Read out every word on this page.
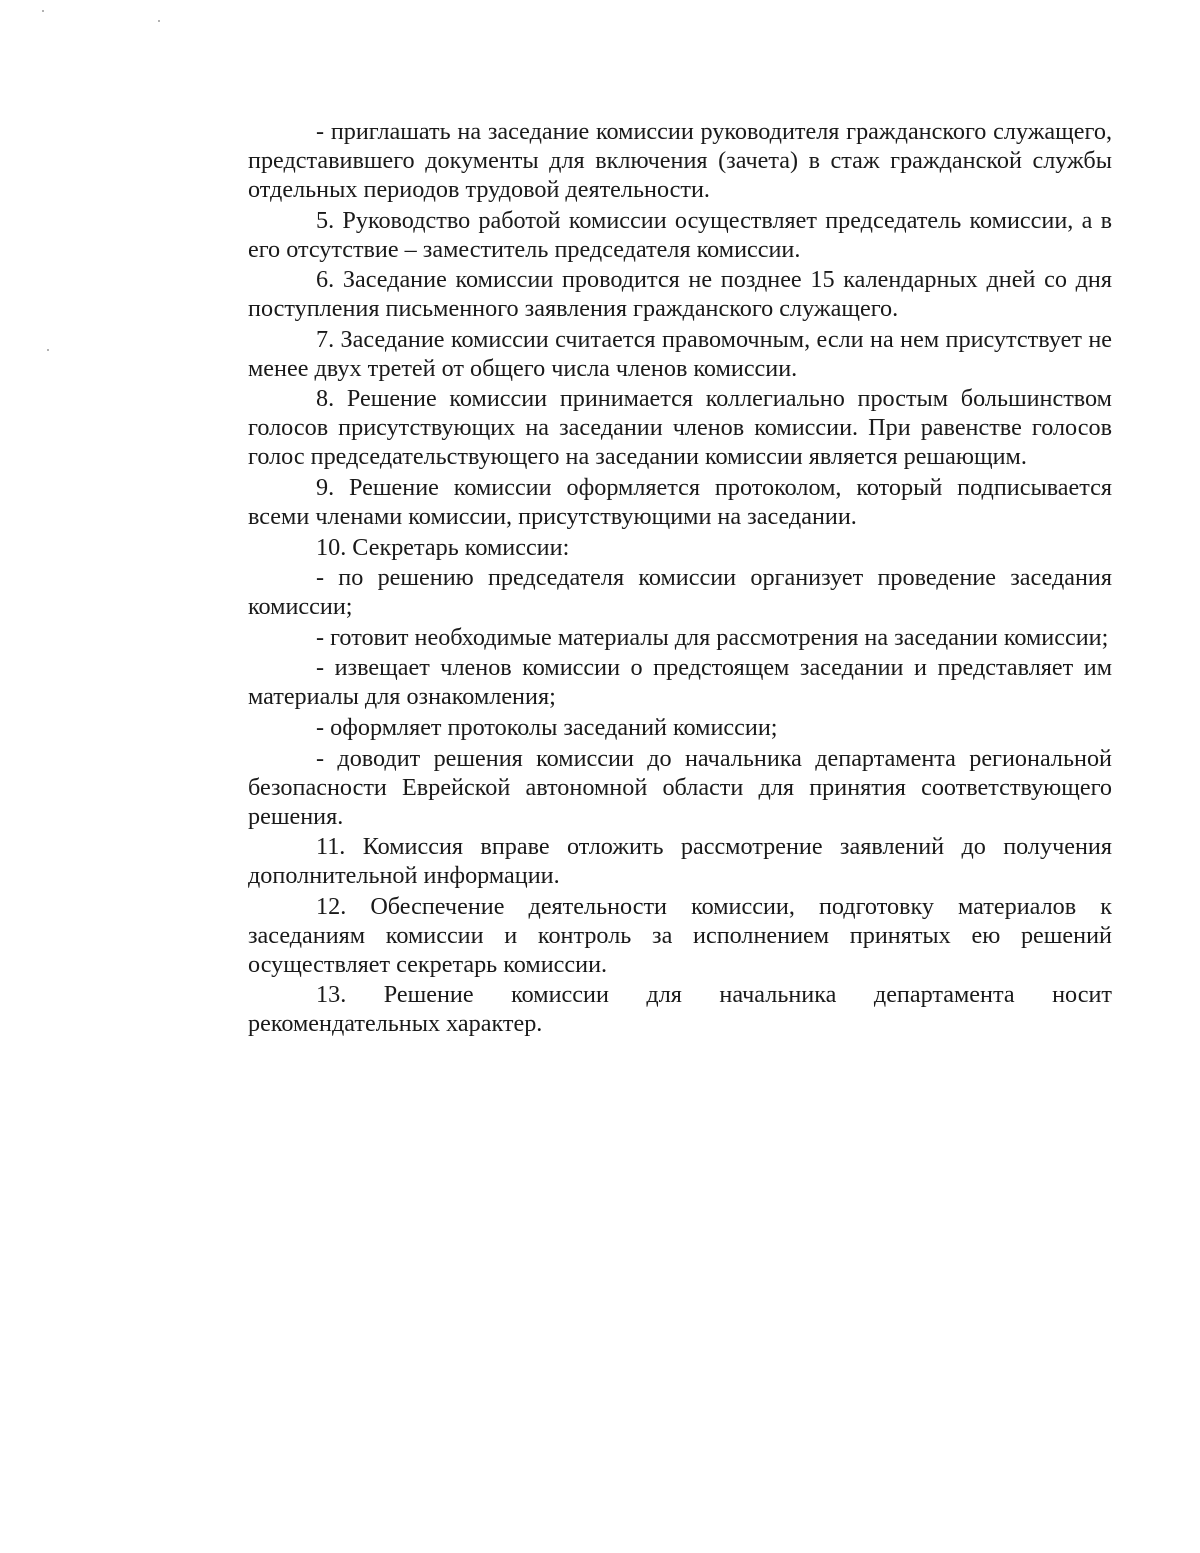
- приглашать на заседание комиссии руководителя гражданского служащего, представившего документы для включения (зачета) в стаж гражданской службы отдельных периодов трудовой деятельности.

5. Руководство работой комиссии осуществляет председатель комиссии, а в его отсутствие – заместитель председателя комиссии.

6. Заседание комиссии проводится не позднее 15 календарных дней со дня поступления письменного заявления гражданского служащего.

7. Заседание комиссии считается правомочным, если на нем присутствует не менее двух третей от общего числа членов комиссии.

8. Решение комиссии принимается коллегиально простым большинством голосов присутствующих на заседании членов комиссии. При равенстве голосов голос председательствующего на заседании комиссии является решающим.

9. Решение комиссии оформляется протоколом, который подписывается всеми членами комиссии, присутствующими на заседании.

10. Секретарь комиссии:

- по решению председателя комиссии организует проведение заседания комиссии;

- готовит необходимые материалы для рассмотрения на заседании комиссии;

- извещает членов комиссии о предстоящем заседании и представляет им материалы для ознакомления;

- оформляет протоколы заседаний комиссии;

- доводит решения комиссии до начальника департамента региональной безопасности Еврейской автономной области для принятия соответствующего решения.

11. Комиссия вправе отложить рассмотрение заявлений до получения дополнительной информации.

12. Обеспечение деятельности комиссии, подготовку материалов к заседаниям комиссии и контроль за исполнением принятых ею решений осуществляет секретарь комиссии.

13. Решение комиссии для начальника департамента носит рекомендательных характер.
